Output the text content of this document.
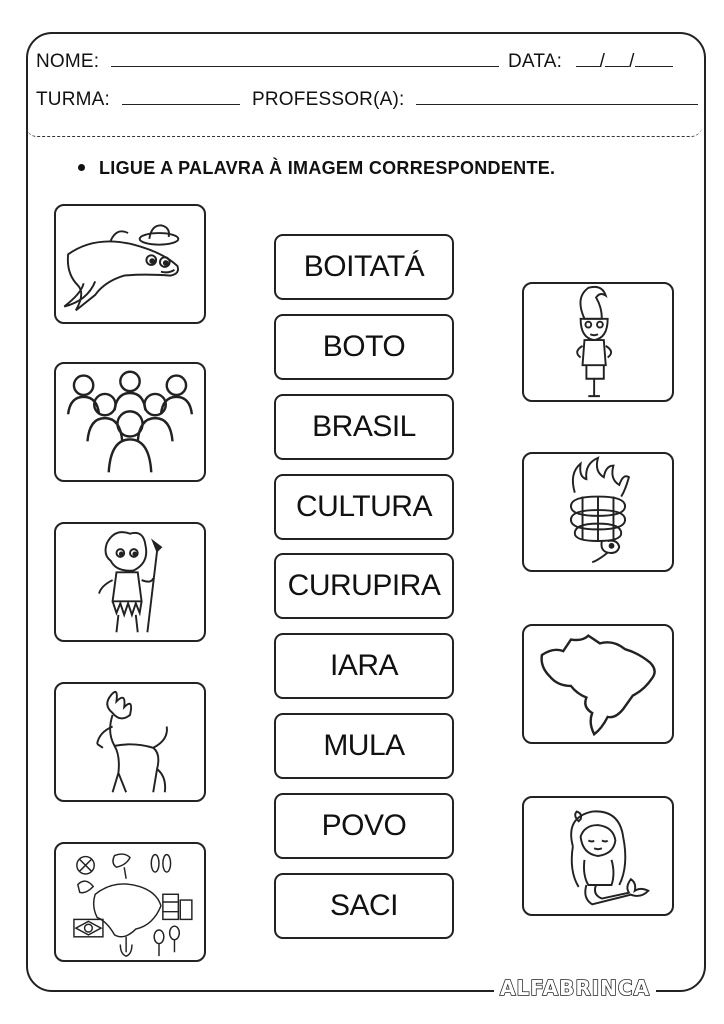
NOME:	DATA: / /
TURMA:	PROFESSOR(A):
LIGUE A PALAVRA À IMAGEM CORRESPONDENTE.
BOITATÁ
BOTO
BRASIL
CULTURA
CURUPIRA
IARA
MULA
POVO
SACI
ALFABRINCA
